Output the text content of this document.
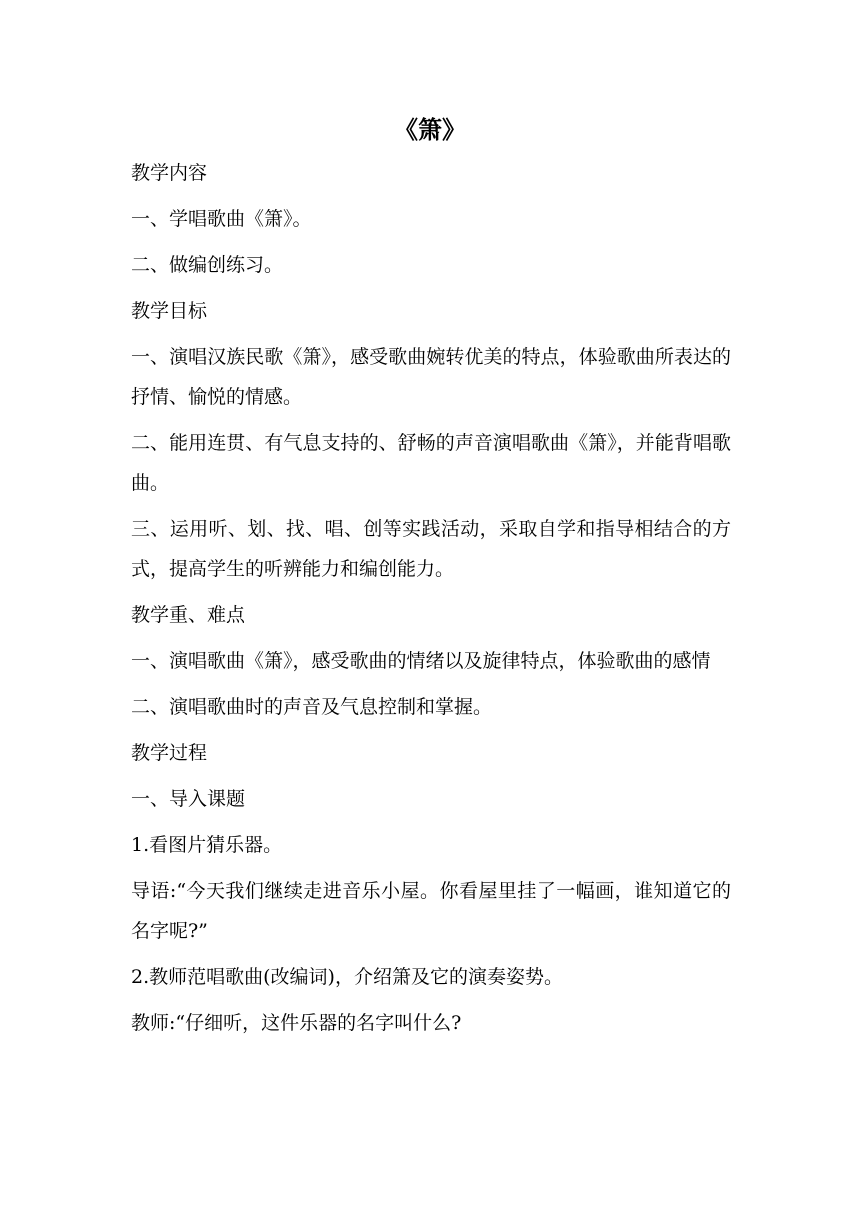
《箫》

教学内容

一、学唱歌曲《箫》。

二、做编创练习。

教学目标

一、演唱汉族民歌《箫》，感受歌曲婉转优美的特点，体验歌曲所表达的抒情、愉悦的情感。

二、能用连贯、有气息支持的、舒畅的声音演唱歌曲《箫》，并能背唱歌曲。

三、运用听、划、找、唱、创等实践活动，采取自学和指导相结合的方式，提高学生的听辨能力和编创能力。

教学重、难点

一、演唱歌曲《箫》，感受歌曲的情绪以及旋律特点，体验歌曲的感情

二、演唱歌曲时的声音及气息控制和掌握。

教学过程

一、导入课题

1.看图片猜乐器。

导语:“今天我们继续走进音乐小屋。你看屋里挂了一幅画，谁知道它的名字呢?”

2.教师范唱歌曲(改编词)，介绍箫及它的演奏姿势。

教师:“仔细听，这件乐器的名字叫什么?
